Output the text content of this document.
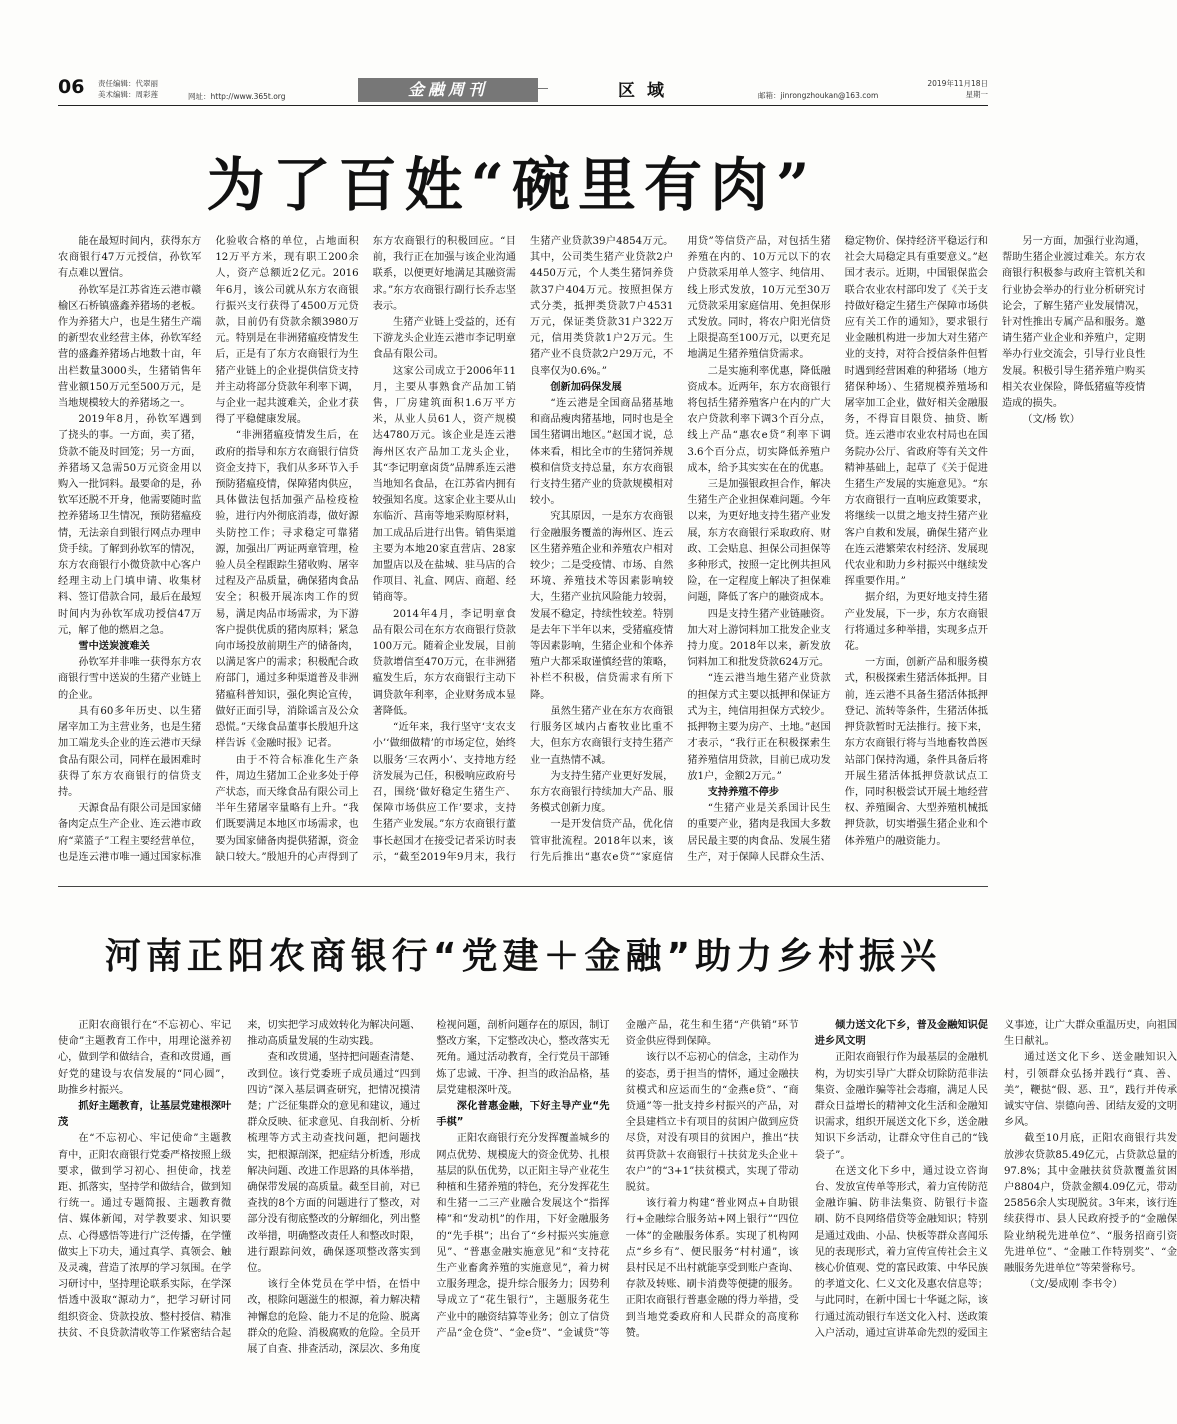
06 责任编辑：代翠丽
美术编辑：周彩莲	网址：http://www.365t.org	金融周刊	区域	邮箱：jinrongzhoukan@163.com
2019年11月18日
星期一
为了百姓“碗里有肉”

能在最短时间内，获得东方农商银行47万元授信，孙钦军有点难以置信。

孙钦军是江苏省连云港市赣榆区石桥镇盛鑫养猪场的老板。作为养猪大户，也是生猪生产端的新型农业经营主体，孙钦军经营的盛鑫养猪场占地数十亩，年出栏数量3000头，生猪销售年营业额150万元至500万元，是当地规模较大的养猪场之一。

2019年8月，孙钦军遇到了挠头的事。一方面，卖了猪，贷款不能及时回笼；另一方面，养猪场又急需50万元资金用以购入一批饲料。最要命的是，孙钦军还脱不开身，他需要随时监控养猪场卫生情况，预防猪瘟疫情，无法亲自到银行网点办理申贷手续。了解到孙钦军的情况，东方农商银行小微贷款中心客户经理主动上门填申请、收集材料、签订借款合同，最后在最短时间内为孙钦军成功授信47万元，解了他的燃眉之急。

雪中送炭渡难关

孙钦军并非唯一获得东方农商银行雪中送炭的生猪产业链上的企业。

具有60多年历史、以生猪屠宰加工为主营业务，也是生猪加工端龙头企业的连云港市天绿食品有限公司，同样在最困难时获得了东方农商银行的信贷支持。

天源食品有限公司是国家储备肉定点生产企业、连云港市政府“菜篮子”工程主要经营单位，也是连云港市唯一通过国家标准化验收合格的单位，占地面积12万平方米，现有职工200余人，资产总额近2亿元。2016年6月，该公司就从东方农商银行振兴支行获得了4500万元贷款，目前仍有贷款余额3980万元。特别是在非洲猪瘟疫情发生后，正是有了东方农商银行为生猪产业链上的企业提供信贷支持并主动将部分贷款年利率下调，与企业一起共渡难关，企业才获得了平稳健康发展。

“非洲猪瘟疫情发生后，在政府的指导和东方农商银行信贷资金支持下，我们从多环节入手预防猪瘟疫情，保障猪肉供应，具体做法包括加强产品检疫检验，进行内外彻底消毒，做好源头防控工作；寻求稳定可靠猪源，加强出厂两证两章管理，检验人员全程跟踪生猪收购、屠宰过程及产品质量，确保猪肉食品安全；积极开展冻肉工作的贸易，满足肉品市场需求，为下游客户提供优质的猪肉原料；紧急向市场投放前期生产的储备肉，以满足客户的需求；积极配合政府部门，通过多种渠道普及非洲猪瘟科普知识，强化舆论宣传，做好正面引导，消除谣言及公众恐慌。”天缘食品董事长殷旭升这样告诉《金融时报》记者。

由于不符合标准化生产条件，周边生猪加工企业多处于停产状态，而天缘食品有限公司上半年生猪屠宰量略有上升。“我们既要满足本地区市场需求，也要为国家储备肉提供猪源，资金缺口较大。”殷旭升的心声得到了东方农商银行的积极回应。“目前，我行正在加强与该企业沟通联系，以便更好地满足其融资需求。”东方农商银行副行长乔志坚表示。

生猪产业链上受益的，还有下游龙头企业连云港市李记明章食品有限公司。

这家公司成立于2006年11月，主要从事熟食产品加工销售，厂房建筑面积1.6万平方米，从业人员61人，资产规模达4780万元。该企业是连云港海州区农产品加工龙头企业，其“李记明章卤货”品牌系连云港当地知名食品，在江苏省内拥有较强知名度。这家企业主要从山东临沂、莒南等地采购原材料，加工成品后进行出售。销售渠道主要为本地20家直营店、28家加盟店以及在盐城、驻马店的合作项目、礼盒、网店、商超、经销商等。

2014年4月，李记明章食品有限公司在东方农商银行贷款100万元。随着企业发展，目前贷款增信至470万元，在非洲猪瘟发生后，东方农商银行主动下调贷款年利率，企业财务成本显著降低。

“近年来，我行坚守‘支农支小’‘做细做精’的市场定位，始终以服务‘三农两小’、支持地方经济发展为己任，积极响应政府号召，围绕‘做好稳定生猪生产、保障市场供应工作’要求，支持生猪产业发展。”东方农商银行董事长赵国才在接受记者采访时表示，“截至2019年9月末，我行生猪产业贷款39户4854万元。其中，公司类生猪产业贷款2户4450万元，个人类生猪饲养贷款37户404万元。按照担保方式分类，抵押类贷款7户4531万元，保证类贷款31户322万元，信用类贷款1户2万元。生猪产业不良贷款2户29万元，不良率仅为0.6%。”

创新加码保发展

“连云港是全国商品猪基地和商品瘦肉猪基地，同时也是全国生猪调出地区。”赵国才说，总体来看，相比全市的生猪饲养规模和信贷支持总量，东方农商银行支持生猪产业的贷款规模相对较小。

究其原因，一是东方农商银行金融服务覆盖的海州区、连云区生猪养殖企业和养殖农户相对较少；二是受疫情、市场、自然环境、养殖技术等因素影响较大，生猪产业抗风险能力较弱，发展不稳定，持续性较差。特别是去年下半年以来，受猪瘟疫情等因素影响，生猪企业和个体养殖户大都采取谨慎经营的策略，补栏不积极，信贷需求有所下降。

虽然生猪产业在东方农商银行服务区域内占畜牧业比重不大，但东方农商银行支持生猪产业一直热情不减。

为支持生猪产业更好发展，东方农商银行持续加大产品、服务模式创新力度。

一是开发信贷产品，优化信管审批流程。2018年以来，该行先后推出“惠农e贷”“家庭信用贷”等信贷产品，对包括生猪养殖在内的、10万元以下的农户贷款采用单人签字、纯信用、线上形式发放，10万元至30万元贷款采用家庭信用、免担保形式发放。同时，将农户阳光信贷上限提高至100万元，以更充足地满足生猪养殖信贷需求。

二是实施利率优惠，降低融资成本。近两年，东方农商银行将包括生猪养殖客户在内的广大农户贷款利率下调3个百分点，线上产品“惠农e贷”利率下调3.6个百分点，切实降低养殖户成本，给予其实实在在的优惠。

三是加强银政担合作，解决生猪生产企业担保难问题。今年以来，为更好地支持生猪产业发展，东方农商银行采取政府、财政、工会贴息、担保公司担保等多种形式，按照一定比例共担风险，在一定程度上解决了担保难问题，降低了客户的融资成本。

四是支持生猪产业链融资。加大对上游饲料加工批发企业支持力度。2018年以来，新发放饲料加工和批发贷款624万元。

“连云港当地生猪产业贷款的担保方式主要以抵押和保证方式为主，纯信用担保方式较少。抵押物主要为房产、土地。”赵国才表示，“我行正在积极探索生猪养殖信用贷款，目前已成功发放1户，金额2万元。”

支持养殖不停步

“生猪产业是关系国计民生的重要产业，猪肉是我国大多数居民最主要的肉食品、发展生猪生产，对于保障人民群众生活、稳定物价、保持经济平稳运行和社会大局稳定具有重要意义。”赵国才表示。近期，中国银保监会联合农业农村部印发了《关于支持做好稳定生猪生产保障市场供应有关工作的通知》，要求银行业金融机构进一步加大对生猪产业的支持，对符合授信条件但暂时遇到经营困难的种猪场（地方猪保种场）、生猪规模养殖场和屠宰加工企业，做好相关金融服务，不得盲目限贷、抽贷、断贷。连云港市农业农村局也在国务院办公厅、省政府等有关文件精神基础上，起草了《关于促进生猪生产发展的实施意见》。“东方农商银行一直响应政策要求，将继续一以贯之地支持生猪产业客户自救和发展，确保生猪产业在连云港繁荣农村经济、发展现代农业和助力乡村振兴中继续发挥重要作用。”

据介绍，为更好地支持生猪产业发展，下一步，东方农商银行将通过多种举措，实现多点开花。

一方面，创新产品和服务模式，积极探索生猪活体抵押。目前，连云港不具备生猪活体抵押登记、流转等条件，生猪活体抵押贷款暂时无法推行。接下来，东方农商银行将与当地畜牧兽医站部门保持沟通，条件具备后将开展生猪活体抵押贷款试点工作，同时积极尝试开展土地经营权、养殖圈舍、大型养殖机械抵押贷款，切实增强生猪企业和个体养殖户的融资能力。

另一方面，加强行业沟通，帮助生猪企业渡过难关。东方农商银行积极参与政府主管机关和行业协会举办的行业分析研究讨论会，了解生猪产业发展情况，针对性推出专属产品和服务。邀请生猪产业企业和养殖户，定期举办行业交流会，引导行业良性发展。积极引导生猪养殖户购买相关农业保险，降低猪瘟等疫情造成的损失。

（文/杨 钦）

河南正阳农商银行“党建＋金融”助力乡村振兴

正阳农商银行在“不忘初心、牢记使命”主题教育工作中，用理论滋养初心，做到学和做结合，查和改贯通，画好党的建设与农信发展的“同心圆”，助推乡村振兴。

抓好主题教育，让基层党建根深叶茂

在“不忘初心、牢记使命”主题教育中，正阳农商银行党委严格按照上级要求，做到学习初心、担使命，找差距、抓落实，坚持学和做结合，做到知行统一。通过专题简报、主题教育微信、媒体新闻，对学教要求、知识要点、心得感悟等进行广泛传播，在学懂做实上下功夫，通过真学、真领会、触及灵魂，营造了浓厚的学习氛围。在学习研讨中，坚持理论联系实际，在学深悟透中汲取“源动力”，把学习研讨同组织资金、贷款投放、整村授信、精准扶贫、不良贷款清收等工作紧密结合起来，切实把学习成效转化为解决问题、推动高质量发展的生动实践。

查和改贯通，坚持把问题查清楚、改到位。该行党委班子成员通过“四到四访”深入基层调查研究，把情况摸清楚；广泛征集群众的意见和建议，通过群众反映、征求意见、自我剖析、分析梳理等方式主动查找问题，把问题找实，把根源剖深，把症结分析透，形成解决问题、改进工作思路的具体举措，确保带发展的高质量。截至目前，对已查找的8个方面的问题进行了整改，对部分没有彻底整改的分解细化，列出整改举措，明确整改责任人和整改时限，进行跟踪问效，确保逐项整改落实到位。

该行全体党员在学中悟，在悟中改，根除问题滋生的根源，着力解决精神懈怠的危险、能力不足的危险、脱离群众的危险、消极腐败的危险。全员开展了自查、排查活动，深层次、多角度检视问题，剖析问题存在的原因，制订整改方案，下定整改决心，整改落实无死角。通过活动教育，全行党员干部锤炼了忠诚、干净、担当的政治品格，基层党建根深叶茂。

深化普惠金融，下好主导产业“先手棋”

正阳农商银行充分发挥覆盖城乡的网点优势、规模庞大的资金优势、扎根基层的队伍优势，以正阳主导产业花生种植和生猪养殖的特色，充分发挥花生和生猪一二三产业融合发展这个“指挥棒”和“发动机”的作用，下好金融服务的“先手棋”；出台了“乡村振兴实施意见”、“普惠金融实施意见”和“支持花生产业畜禽养殖的实施意见”，着力树立服务理念，提升综合服务力；因势利导成立了“花生银行”，主题服务花生产业中的融资结算等业务；创立了信贷产品“金仓贷”、“金e贷”、“金诚贷”等金融产品，花生和生猪“产供销”环节资金供应得到保障。

该行以不忘初心的信念，主动作为的姿态，勇于担当的情怀，通过金融扶贫模式和应运而生的“金燕e贷”、“商贷通”等一批支持乡村振兴的产品，对全县建档立卡有项目的贫困户做到应贷尽贷，对没有项目的贫困户，推出“扶贫再贷款＋农商银行＋扶贫龙头企业＋农户”的“3+1”扶贫模式，实现了带动脱贫。

该行着力构建“普业网点+自助银行+金融综合服务站+网上银行”“四位一体”的金融服务体系。实现了机构网点“乡乡有”、便民服务“村村通”，该县村民足不出村就能享受到账户查询、存款及转账、刷卡消费等便捷的服务。正阳农商银行普惠金融的得力举措，受到当地党委政府和人民群众的高度称赞。

倾力送文化下乡，普及金融知识促进乡风文明

正阳农商银行作为最基层的金融机构，为切实引导广大群众切除防范非法集资、金融诈骗等社会毒瘤，满足人民群众日益增长的精神文化生活和金融知识需求，组织开展送文化下乡，送金融知识下乡活动，让群众守住自己的“钱袋子”。

在送文化下乡中，通过设立咨询台、发放宣传单等形式，着力宣传防范金融诈骗、防非法集资、防银行卡盗刷、防不良网络借贷等金融知识；特别是通过戏曲、小品、快板等群众喜闻乐见的表现形式，着力宣传宣传社会主义核心价值观、党的富民政策、中华民族的孝道文化、仁义文化及惠农信息等；与此同时，在新中国七十华诞之际，该行通过流动银行车送文化入村、送政策入户活动，通过宣讲革命先烈的爱国主义事迹，让广大群众重温历史，向祖国生日献礼。

通过送文化下乡、送金融知识入村，引领群众弘扬并践行“真、善、美”，鞭挞“假、恶、丑”，践行并传承诚实守信、崇德向善、团结友爱的文明乡风。

截至10月底，正阳农商银行共发放涉农贷款85.49亿元，占贷款总量的97.8%；其中金融扶贫贷款覆盖贫困户8804户，贷款金额4.09亿元，带动25856余人实现脱贫。3年来，该行连续获得市、县人民政府授予的“金融保险业纳税先进单位”、“服务招商引资先进单位”、“金融工作特别奖”、“金融服务先进单位”等荣誉称号。

（文/晏成刚 李书令）
